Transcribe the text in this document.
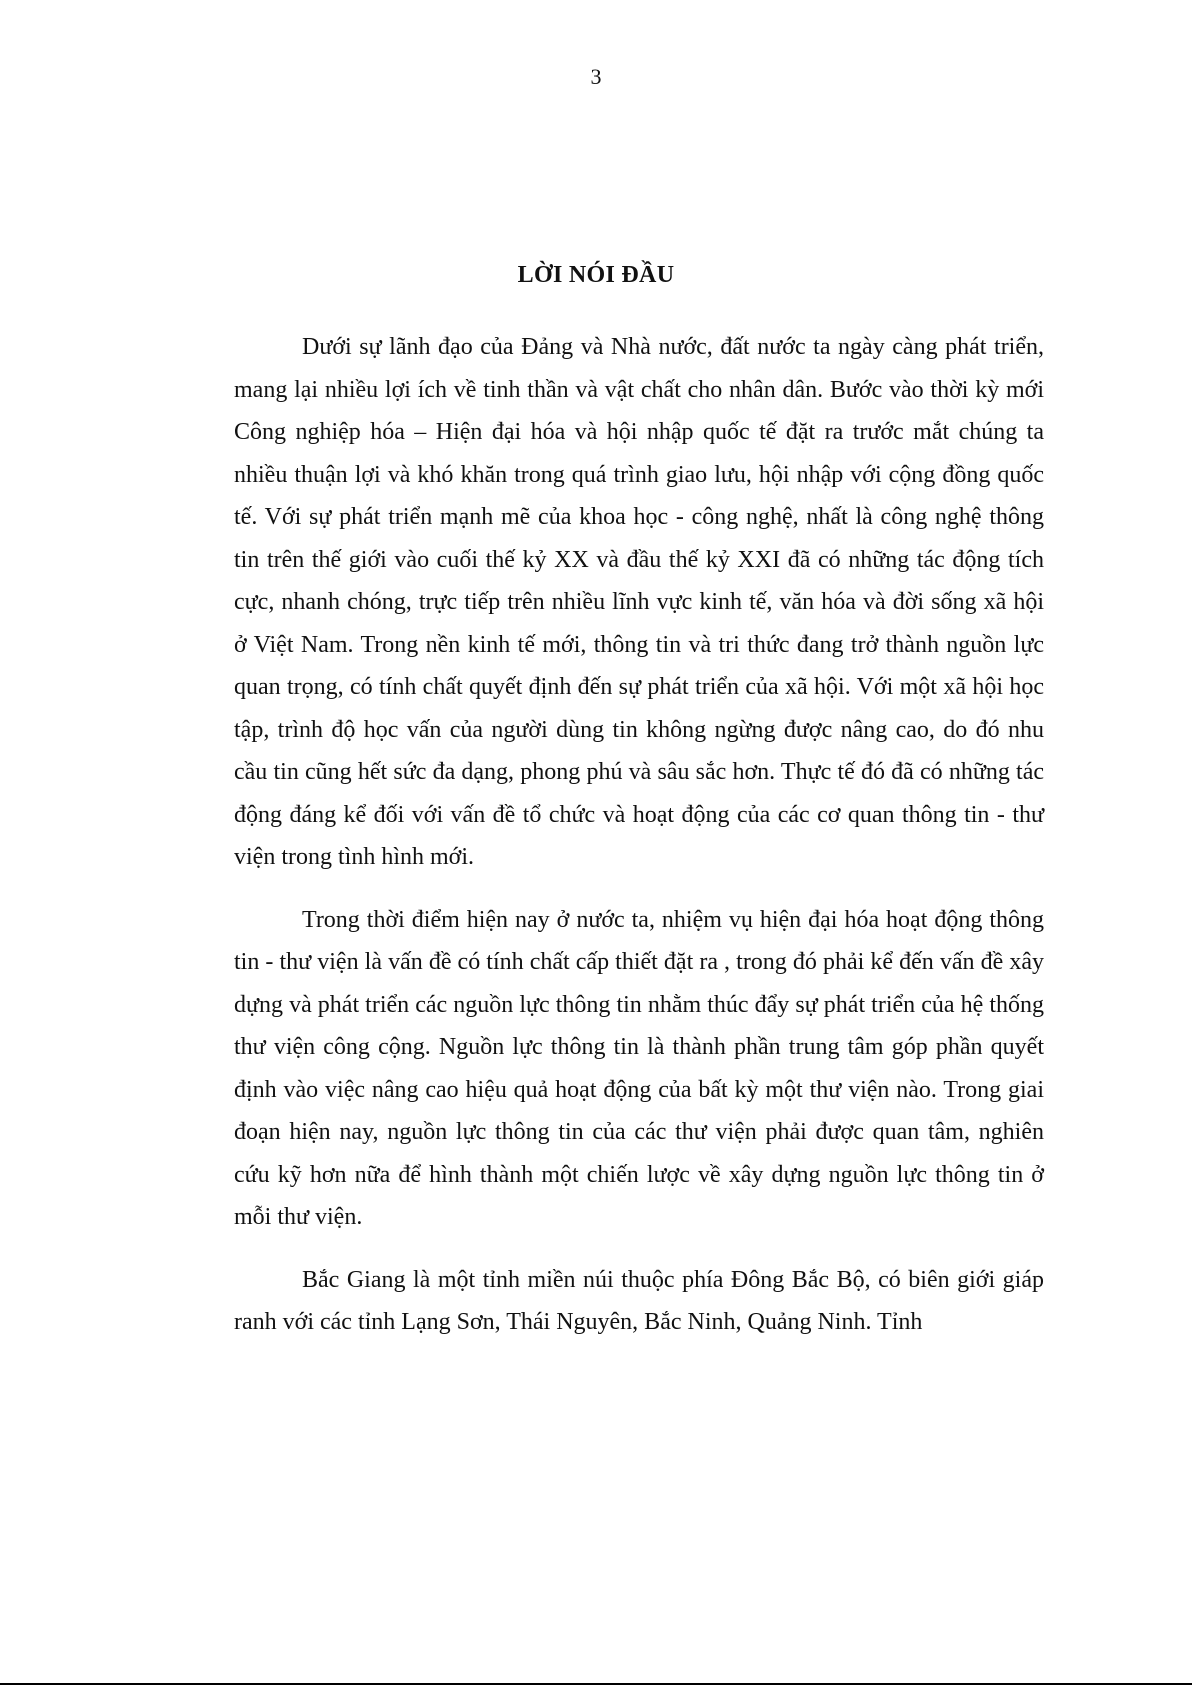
3
LỜI NÓI ĐẦU

Dưới sự lãnh đạo của Đảng và Nhà nước, đất nước ta ngày càng phát triển, mang lại nhiều lợi ích về tinh thần và vật chất cho nhân dân. Bước vào thời kỳ mới Công nghiệp hóa – Hiện đại hóa và hội nhập quốc tế đặt ra trước mắt chúng ta nhiều thuận lợi và khó khăn trong quá trình giao lưu, hội nhập với cộng đồng quốc tế. Với sự phát triển mạnh mẽ của khoa học - công nghệ, nhất là công nghệ thông tin trên thế giới vào cuối thế kỷ XX và đầu thế kỷ XXI đã có những tác động tích cực, nhanh chóng, trực tiếp trên nhiều lĩnh vực kinh tế, văn hóa và đời sống xã hội ở Việt Nam. Trong nền kinh tế mới, thông tin và tri thức đang trở thành nguồn lực quan trọng, có tính chất quyết định đến sự phát triển của xã hội. Với một xã hội học tập, trình độ học vấn của người dùng tin không ngừng được nâng cao, do đó nhu cầu tin cũng hết sức đa dạng, phong phú và sâu sắc hơn. Thực tế đó đã có những tác động đáng kể đối với vấn đề tổ chức và hoạt động của các cơ quan thông tin - thư viện trong tình hình mới.

Trong thời điểm hiện nay ở nước ta, nhiệm vụ hiện đại hóa hoạt động thông tin - thư viện là vấn đề có tính chất cấp thiết đặt ra , trong đó phải kể đến vấn đề xây dựng và phát triển các nguồn lực thông tin nhằm thúc đẩy sự phát triển của hệ thống thư viện công cộng. Nguồn lực thông tin là thành phần trung tâm góp phần quyết định vào việc nâng cao hiệu quả hoạt động của bất kỳ một thư viện nào. Trong giai đoạn hiện nay, nguồn lực thông tin của các thư viện phải được quan tâm, nghiên cứu kỹ hơn nữa để hình thành một chiến lược về xây dựng nguồn lực thông tin ở mỗi thư viện.

Bắc Giang là một tỉnh miền núi thuộc phía Đông Bắc Bộ, có biên giới giáp ranh với các tỉnh Lạng Sơn, Thái Nguyên, Bắc Ninh, Quảng Ninh. Tỉnh
